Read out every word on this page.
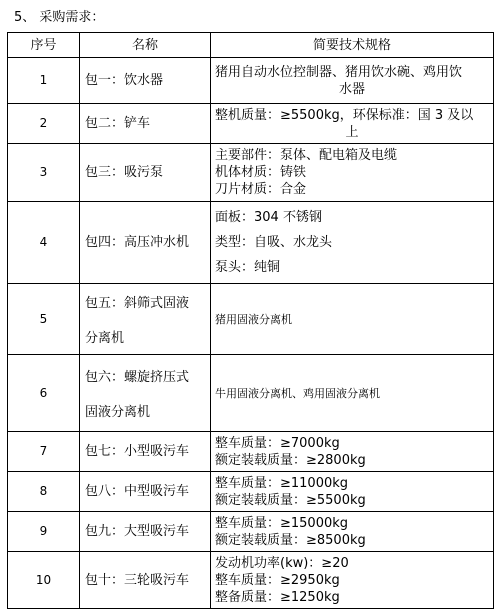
5、 采购需求：
序号	名称	简要技术规格
1	包一：饮水器	猪用自动水位控制器、猪用饮水碗、鸡用饮
水器

2	包二：铲车	整机质量：≥5500kg，环保标准：国 3 及以
上

3	包三：吸污泵	主要部件：泵体、配电箱及电缆
机体材质：铸铁
刀片材质：合金

4	包四：高压冲水机	面板：304 不锈钢
类型：自吸、水龙头
泵头：纯铜

5	包五：斜筛式固液
分离机	猪用固液分离机

6	包六：螺旋挤压式
固液分离机	牛用固液分离机、鸡用固液分离机

7	包七：小型吸污车	整车质量：≥7000kg
额定装载质量：≥2800kg

8	包八：中型吸污车	整车质量：≥11000kg
额定装载质量：≥5500kg

9	包九：大型吸污车	整车质量：≥15000kg
额定装载质量：≥8500kg

10	包十：三轮吸污车	发动机功率(kw)：≥20
整车质量：≥2950kg
整备质量：≥1250kg
